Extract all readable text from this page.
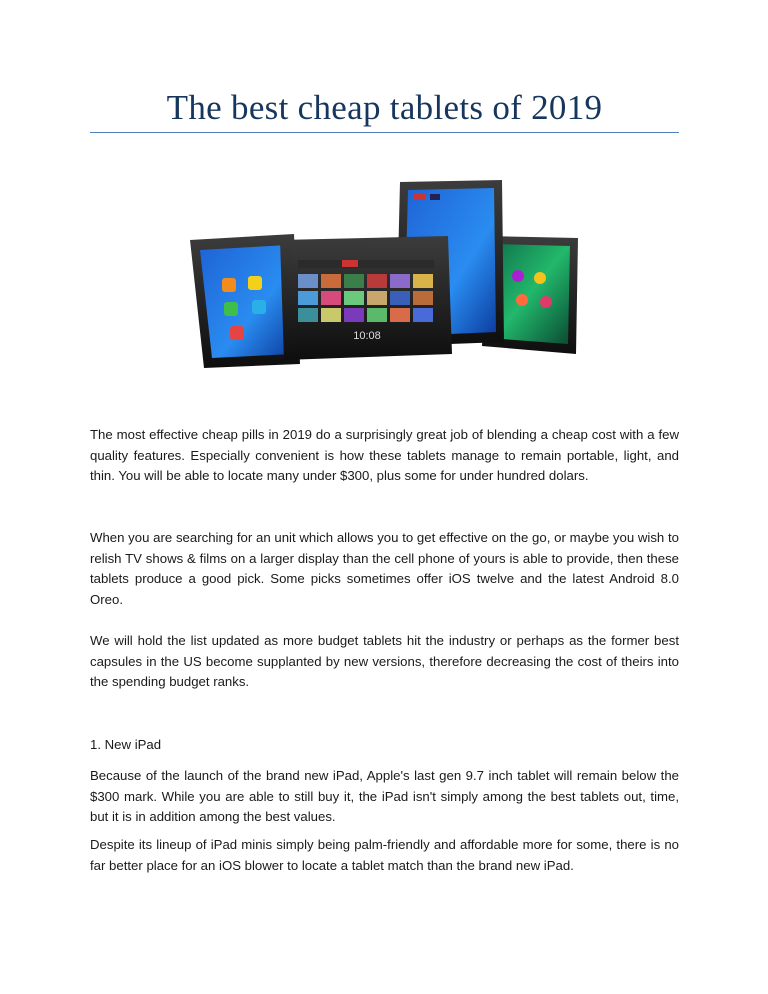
The best cheap tablets of 2019
10:08

The most effective cheap pills in 2019 do a surprisingly great job of blending a cheap cost with a few quality features. Especially convenient is how these tablets manage to remain portable, light, and thin. You will be able to locate many under $300, plus some for under hundred dolars.

When you are searching for an unit which allows you to get effective on the go, or maybe you wish to relish TV shows & films on a larger display than the cell phone of yours is able to provide, then these tablets produce a good pick. Some picks sometimes offer iOS twelve and the latest Android 8.0 Oreo.

We will hold the list updated as more budget tablets hit the industry or perhaps as the former best capsules in the US become supplanted by new versions, therefore decreasing the cost of theirs into the spending budget ranks.

1. New iPad

Because of the launch of the brand new iPad, Apple's last gen 9.7 inch tablet will remain below the $300 mark. While you are able to still buy it, the iPad isn't simply among the best tablets out, time, but it is in addition among the best values.

Despite its lineup of iPad minis simply being palm-friendly and affordable more for some, there is no far better place for an iOS blower to locate a tablet match than the brand new iPad.
